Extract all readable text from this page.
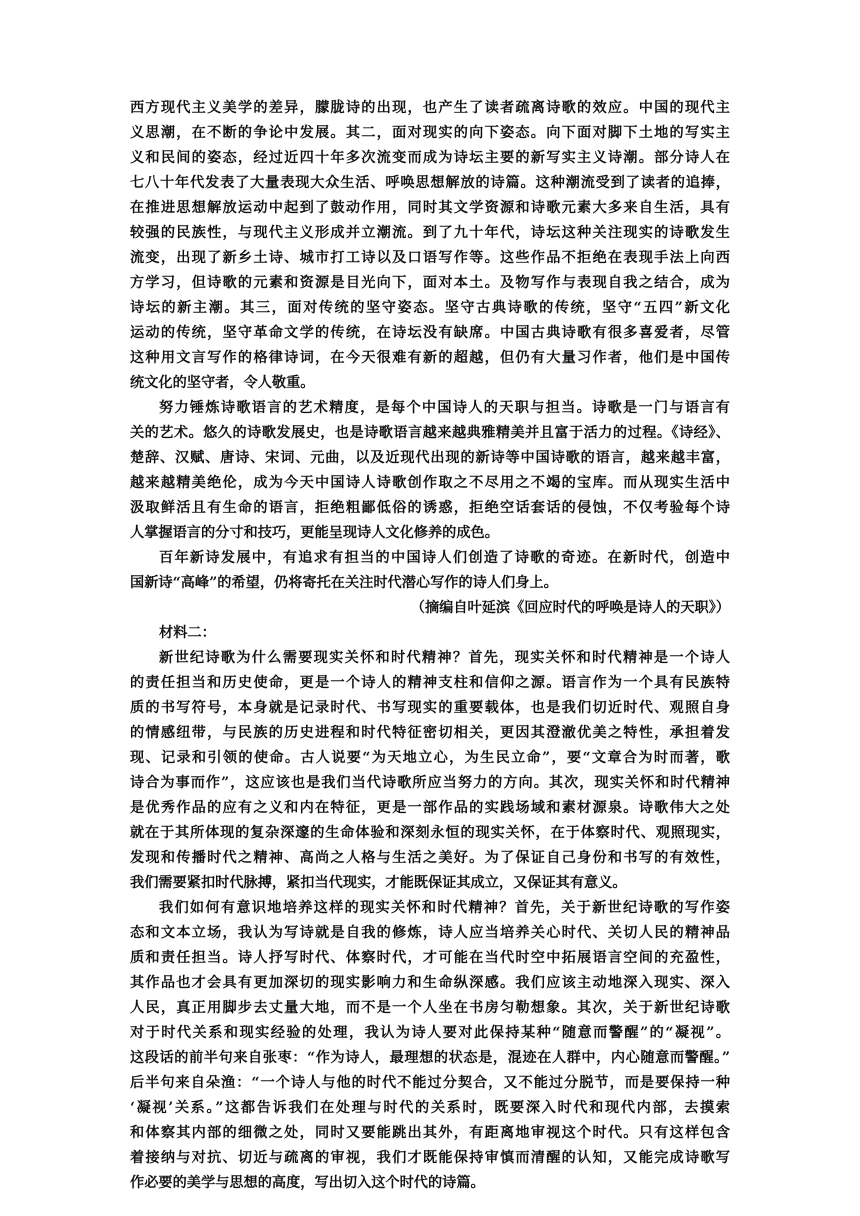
西方现代主义美学的差异，朦胧诗的出现，也产生了读者疏离诗歌的效应。中国的现代主
义思潮，在不断的争论中发展。其二，面对现实的向下姿态。向下面对脚下土地的写实主
义和民间的姿态，经过近四十年多次流变而成为诗坛主要的新写实主义诗潮。部分诗人在
七八十年代发表了大量表现大众生活、呼唤思想解放的诗篇。这种潮流受到了读者的追捧，
在推进思想解放运动中起到了鼓动作用，同时其文学资源和诗歌元素大多来自生活，具有
较强的民族性，与现代主义形成并立潮流。到了九十年代，诗坛这种关注现实的诗歌发生
流变，出现了新乡土诗、城市打工诗以及口语写作等。这些作品不拒绝在表现手法上向西
方学习，但诗歌的元素和资源是目光向下，面对本土。及物写作与表现自我之结合，成为
诗坛的新主潮。其三，面对传统的坚守姿态。坚守古典诗歌的传统，坚守“五四”新文化
运动的传统，坚守革命文学的传统，在诗坛没有缺席。中国古典诗歌有很多喜爱者，尽管
这种用文言写作的格律诗词，在今天很难有新的超越，但仍有大量习作者，他们是中国传
统文化的坚守者，令人敬重。
努力锤炼诗歌语言的艺术精度，是每个中国诗人的天职与担当。诗歌是一门与语言有
关的艺术。悠久的诗歌发展史，也是诗歌语言越来越典雅精美并且富于活力的过程。《诗经》、
楚辞、汉赋、唐诗、宋词、元曲，以及近现代出现的新诗等中国诗歌的语言，越来越丰富，
越来越精美绝伦，成为今天中国诗人诗歌创作取之不尽用之不竭的宝库。而从现实生活中
汲取鲜活且有生命的语言，拒绝粗鄙低俗的诱惑，拒绝空话套话的侵蚀，不仅考验每个诗
人掌握语言的分寸和技巧，更能呈现诗人文化修养的成色。
百年新诗发展中，有追求有担当的中国诗人们创造了诗歌的奇迹。在新时代，创造中
国新诗“高峰”的希望，仍将寄托在关注时代潜心写作的诗人们身上。
（摘编自叶延滨《回应时代的呼唤是诗人的天职》）
材料二：
新世纪诗歌为什么需要现实关怀和时代精神？首先，现实关怀和时代精神是一个诗人
的责任担当和历史使命，更是一个诗人的精神支柱和信仰之源。语言作为一个具有民族特
质的书写符号，本身就是记录时代、书写现实的重要载体，也是我们切近时代、观照自身
的情感纽带，与民族的历史进程和时代特征密切相关，更因其澄澈优美之特性，承担着发
现、记录和引领的使命。古人说要“为天地立心，为生民立命”，要“文章合为时而著，歌
诗合为事而作”，这应该也是我们当代诗歌所应当努力的方向。其次，现实关怀和时代精神
是优秀作品的应有之义和内在特征，更是一部作品的实践场域和素材源泉。诗歌伟大之处
就在于其所体现的复杂深邃的生命体验和深刻永恒的现实关怀，在于体察时代、观照现实，
发现和传播时代之精神、高尚之人格与生活之美好。为了保证自己身份和书写的有效性，
我们需要紧扣时代脉搏，紧扣当代现实，才能既保证其成立，又保证其有意义。
我们如何有意识地培养这样的现实关怀和时代精神？首先，关于新世纪诗歌的写作姿
态和文本立场，我认为写诗就是自我的修炼，诗人应当培养关心时代、关切人民的精神品
质和责任担当。诗人抒写时代、体察时代，才可能在当代时空中拓展语言空间的充盈性，
其作品也才会具有更加深切的现实影响力和生命纵深感。我们应该主动地深入现实、深入
人民，真正用脚步去丈量大地，而不是一个人坐在书房匀勒想象。其次，关于新世纪诗歌
对于时代关系和现实经验的处理，我认为诗人要对此保持某种“随意而警醒”的“凝视”。
这段话的前半句来自张枣：“作为诗人，最理想的状态是，混迹在人群中，内心随意而警醒。”
后半句来自朵渔：“一个诗人与他的时代不能过分契合，又不能过分脱节，而是要保持一种
‘凝视’关系。”这都告诉我们在处理与时代的关系时，既要深入时代和现代内部，去摸索
和体察其内部的细微之处，同时又要能跳出其外，有距离地审视这个时代。只有这样包含
着接纳与对抗、切近与疏离的审视，我们才既能保持审慎而清醒的认知，又能完成诗歌写
作必要的美学与思想的高度，写出切入这个时代的诗篇。
